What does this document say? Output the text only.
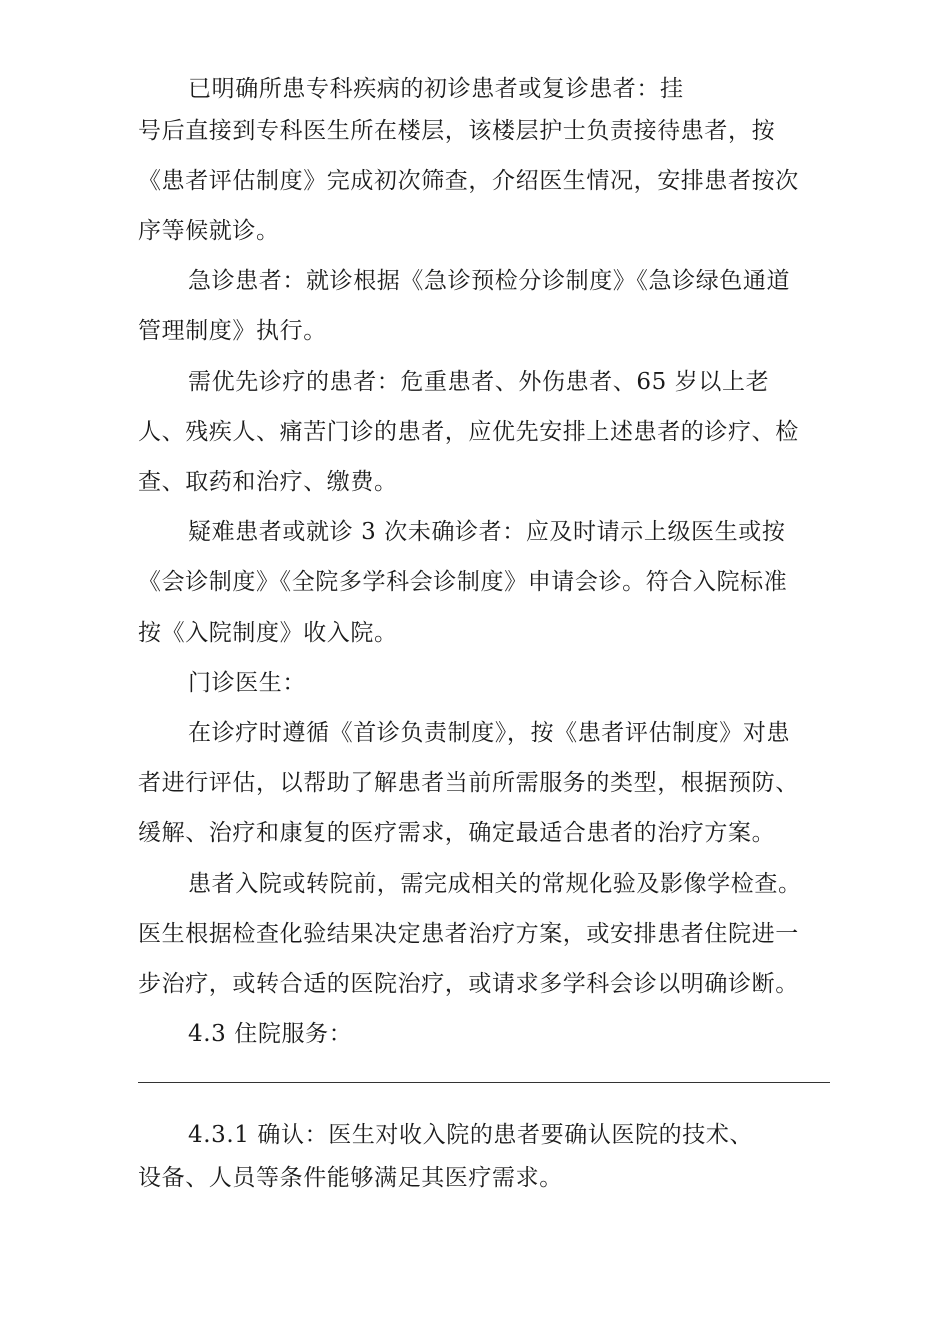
已明确所患专科疾病的初诊患者或复诊患者：挂
号后直接到专科医生所在楼层，该楼层护士负责接待患者，按
《患者评估制度》完成初次筛查，介绍医生情况，安排患者按次
序等候就诊。
急诊患者：就诊根据《急诊预检分诊制度》《急诊绿色通道
管理制度》执行。
需优先诊疗的患者：危重患者、外伤患者、65 岁以上老
人、残疾人、痛苦门诊的患者，应优先安排上述患者的诊疗、检
查、取药和治疗、缴费。
疑难患者或就诊 3 次未确诊者：应及时请示上级医生或按
《会诊制度》《全院多学科会诊制度》申请会诊。符合入院标准
按《入院制度》收入院。
门诊医生：
在诊疗时遵循《首诊负责制度》，按《患者评估制度》对患
者进行评估，以帮助了解患者当前所需服务的类型，根据预防、
缓解、治疗和康复的医疗需求，确定最适合患者的治疗方案。
患者入院或转院前，需完成相关的常规化验及影像学检查。
医生根据检查化验结果决定患者治疗方案，或安排患者住院进一
步治疗，或转合适的医院治疗，或请求多学科会诊以明确诊断。
4.3 住院服务：
4.3.1 确认：医生对收入院的患者要确认医院的技术、
设备、人员等条件能够满足其医疗需求。
